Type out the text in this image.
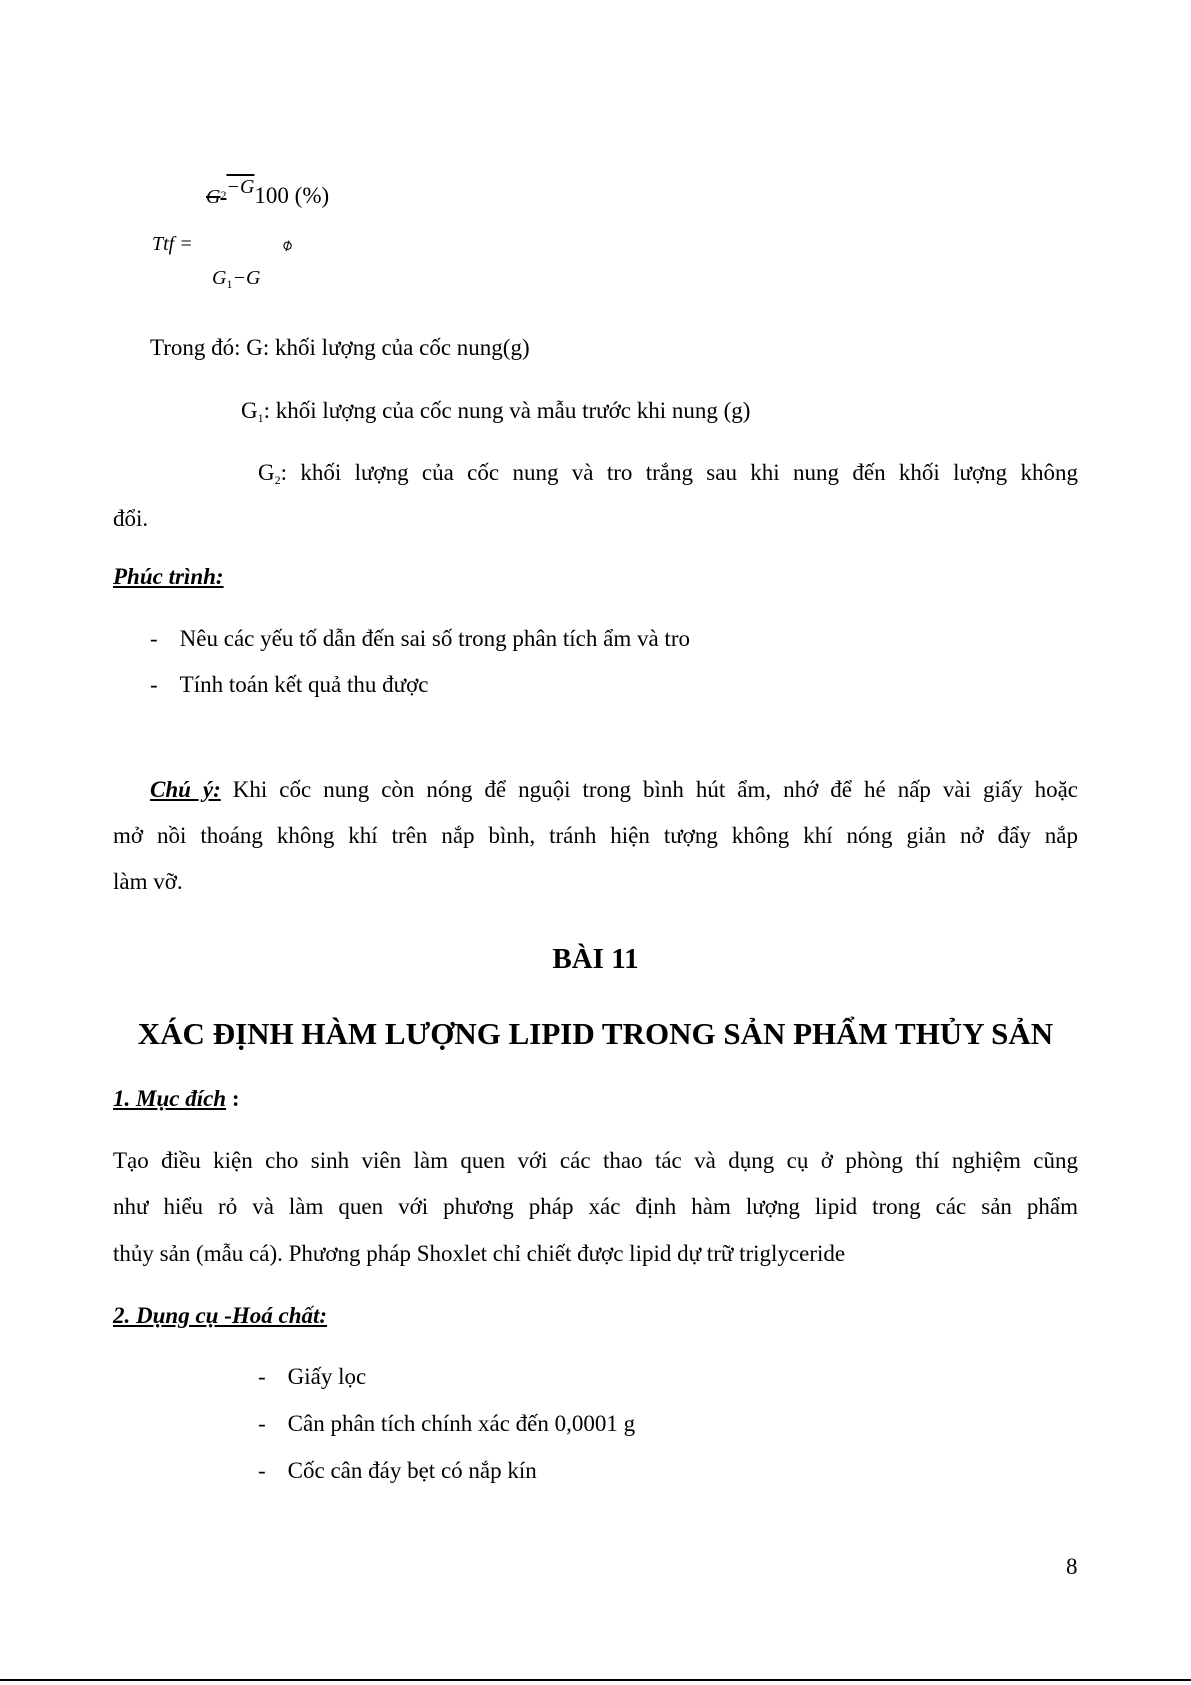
$G^2-G100$ (%)
Ttf =	⌀
$G_1-G$
Trong đó: G: khối lượng của cốc nung(g)
G1: khối lượng của cốc nung và mẫu trước khi nung (g)
G2: khối lượng của cốc nung và tro trắng sau khi nung đến khối lượng không
đổi.
Phúc trình:
- Nêu các yếu tố dẫn đến sai số trong phân tích ẩm và tro
- Tính toán kết quả thu được
Chú ý: Khi cốc nung còn nóng để nguội trong bình hút ẩm, nhớ để hé nấp vài giấy hoặc
mở nồi thoáng không khí trên nắp bình, tránh hiện tượng không khí nóng giản nở đẩy nắp
làm vỡ.
BÀI 11
XÁC ĐỊNH HÀM LƯỢNG LIPID TRONG SẢN PHẨM THỦY SẢN
1. Mục đích :
Tạo điều kiện cho sinh viên làm quen với các thao tác và dụng cụ ở phòng thí nghiệm cũng
như hiểu rỏ và làm quen với phương pháp xác định hàm lượng lipid trong các sản phẩm
thủy sản (mẫu cá). Phương pháp Shoxlet chỉ chiết được lipid dự trữ triglyceride
2. Dụng cụ -Hoá chất:
- Giấy lọc
- Cân phân tích chính xác đến 0,0001 g
- Cốc cân đáy bẹt có nắp kín
8
